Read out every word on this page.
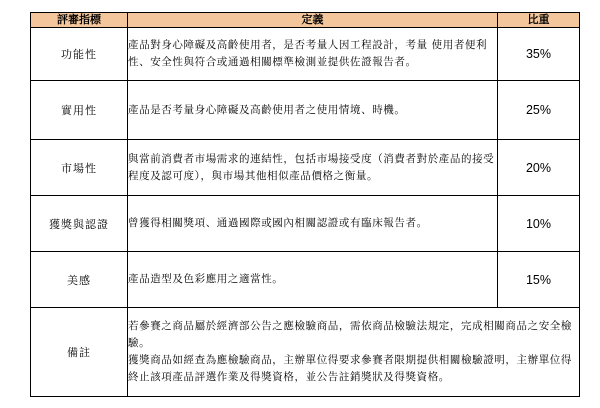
評審指標	定義	比重
功能性	產品對身心障礙及高齡使用者，是否考量人因工程設計，考量 使用者便利性、安全性與符合或通過相關標準檢測並提供佐證報告者。	35%
實用性	產品是否考量身心障礙及高齡使用者之使用情境、時機。	25%
市場性	與當前消費者市場需求的連結性，包括市場接受度（消費者對於產品的接受程度及認可度），與市場其他相似產品價格之衡量。	20%
獲獎與認證	曾獲得相關獎項、通過國際或國內相關認證或有臨床報告者。	10%
美感	產品造型及色彩應用之適當性。	15%
備註	若參賽之商品屬於經濟部公告之應檢驗商品，需依商品檢驗法規定，完成相關商品之安全檢驗。

獲獎商品如經查為應檢驗商品，主辦單位得要求參賽者限期提供相關檢驗證明，主辦單位得終止該項產品評選作業及得獎資格，並公告註銷獎狀及得獎資格。	
